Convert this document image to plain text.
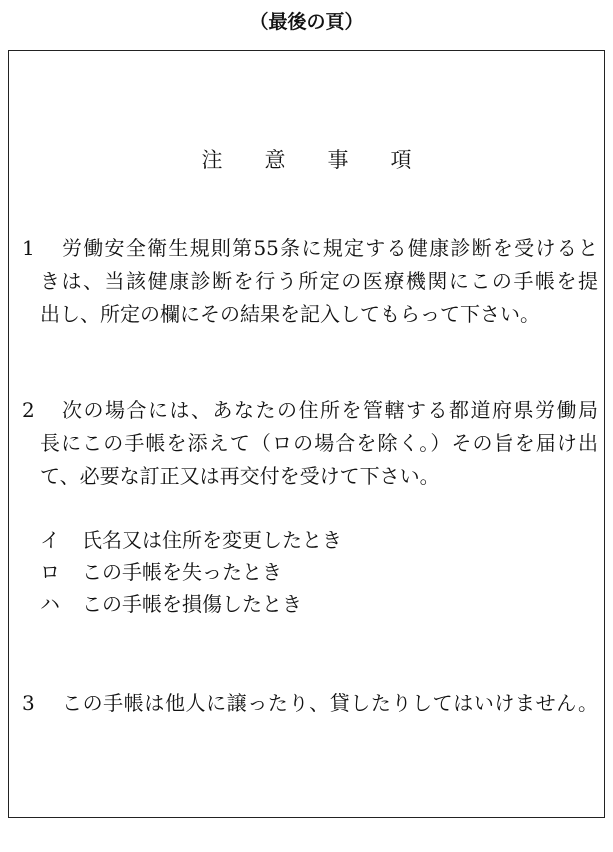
（最後の頁）
注意事項
1	労働安全衛生規則第55条に規定する健康診断を受けると
きは、当該健康診断を行う所定の医療機関にこの手帳を提
出し、所定の欄にその結果を記入してもらって下さい。
2	次の場合には、あなたの住所を管轄する都道府県労働局
長にこの手帳を添えて（ロの場合を除く。）その旨を届け出
て、必要な訂正又は再交付を受けて下さい。
イ 氏名又は住所を変更したとき
ロ この手帳を失ったとき
ハ この手帳を損傷したとき
3	この手帳は他人に譲ったり、貸したりしてはいけません。
